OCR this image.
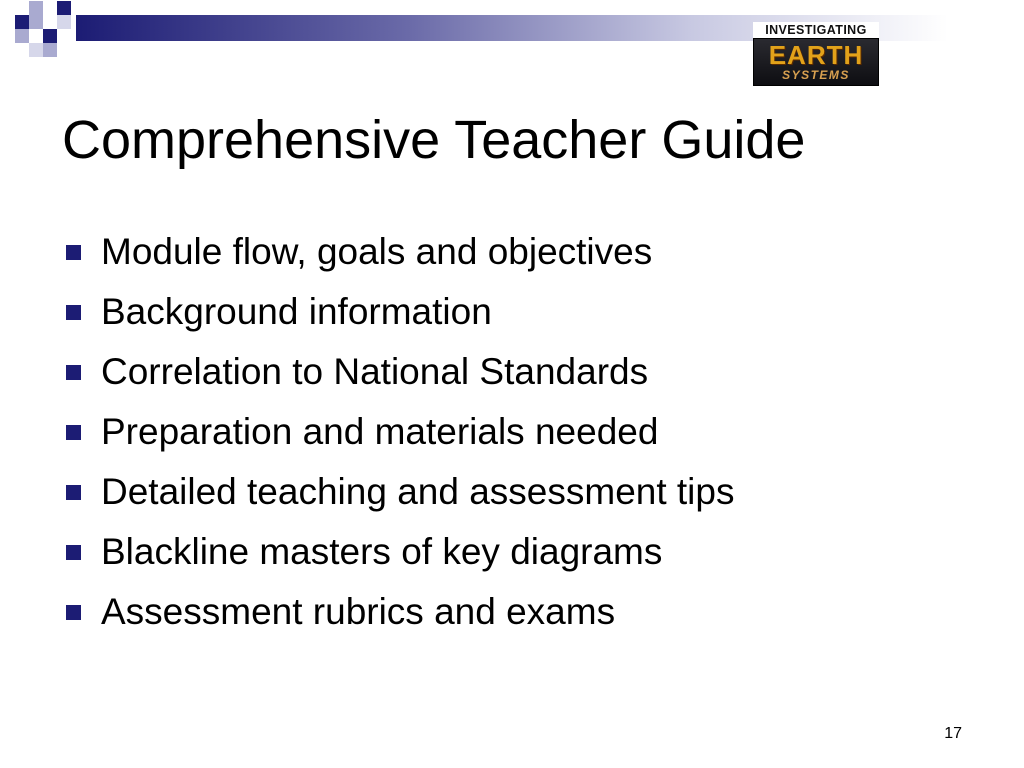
INVESTIGATING
EARTH
SYSTEMS
Comprehensive Teacher Guide
Module flow, goals and objectives
Background information
Correlation to National Standards
Preparation and materials needed
Detailed teaching and assessment tips
Blackline masters of key diagrams
Assessment rubrics and exams
17
